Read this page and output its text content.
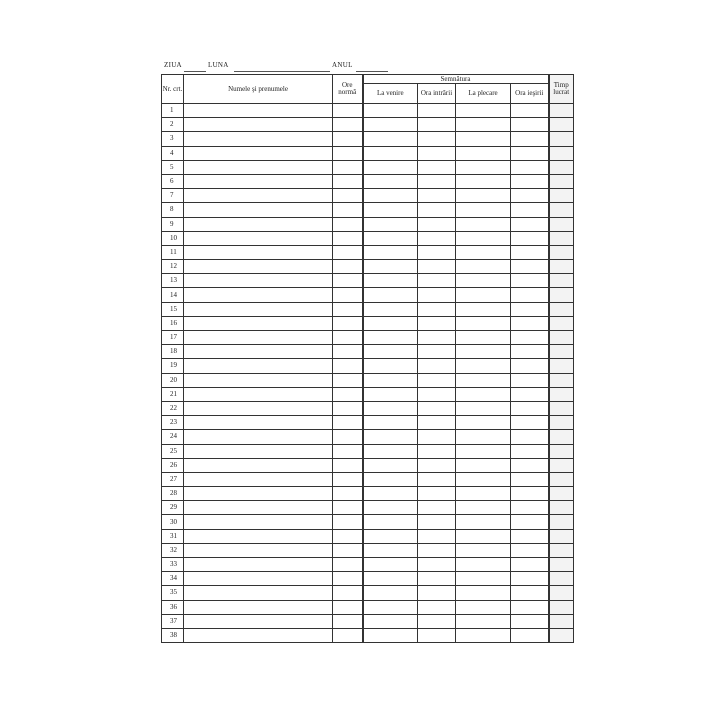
ZIUA	LUNA	ANUL
Nr. crt.	Numele şi prenumele	Ore normă	Semnătura				Timp lucrat
			La venire	Ora intrării	La plecare	Ora ieşirii	
1							
2							
3							
4							
5							
6							
7							
8							
9							
10							
11							
12							
13							
14							
15							
16							
17							
18							
19							
20							
21							
22							
23							
24							
25							
26							
27							
28							
29							
30							
31							
32							
33							
34							
35							
36							
37							
38							
